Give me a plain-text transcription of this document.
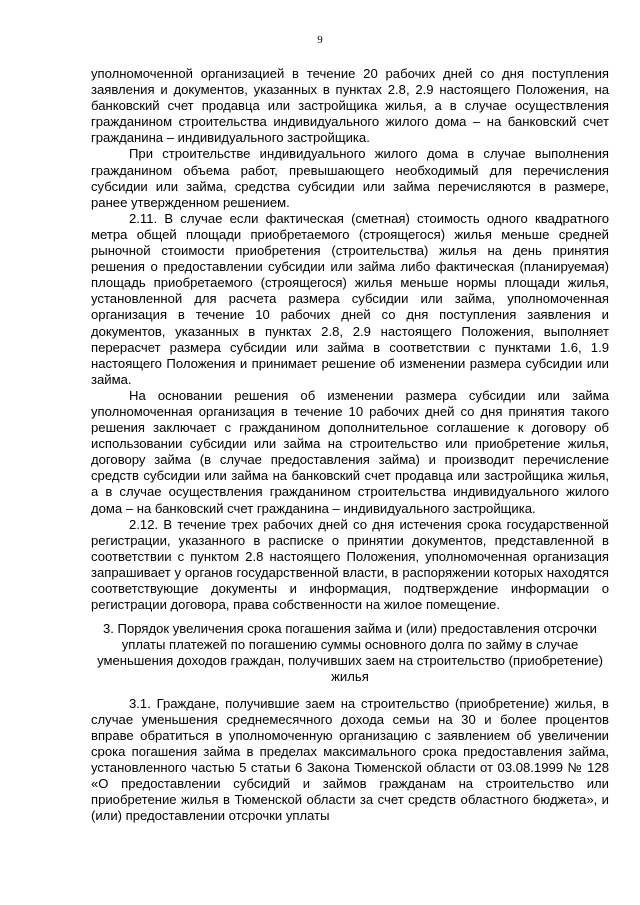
9

уполномоченной организацией в течение 20 рабочих дней со дня поступления заявления и документов, указанных в пунктах 2.8, 2.9 настоящего Положения, на банковский счет продавца или застройщика жилья, а в случае осуществления гражданином строительства индивидуального жилого дома – на банковский счет гражданина – индивидуального застройщика.

При строительстве индивидуального жилого дома в случае выполнения гражданином объема работ, превышающего необходимый для перечисления субсидии или займа, средства субсидии или займа перечисляются в размере, ранее утвержденном решением.

2.11. В случае если фактическая (сметная) стоимость одного квадратного метра общей площади приобретаемого (строящегося) жилья меньше средней рыночной стоимости приобретения (строительства) жилья на день принятия решения о предоставлении субсидии или займа либо фактическая (планируемая) площадь приобретаемого (строящегося) жилья меньше нормы площади жилья, установленной для расчета размера субсидии или займа, уполномоченная организация в течение 10 рабочих дней со дня поступления заявления и документов, указанных в пунктах 2.8, 2.9 настоящего Положения, выполняет перерасчет размера субсидии или займа в соответствии с пунктами 1.6, 1.9 настоящего Положения и принимает решение об изменении размера субсидии или займа.

На основании решения об изменении размера субсидии или займа уполномоченная организация в течение 10 рабочих дней со дня принятия такого решения заключает с гражданином дополнительное соглашение к договору об использовании субсидии или займа на строительство или приобретение жилья, договору займа (в случае предоставления займа) и производит перечисление средств субсидии или займа на банковский счет продавца или застройщика жилья, а в случае осуществления гражданином строительства индивидуального жилого дома – на банковский счет гражданина – индивидуального застройщика.

2.12. В течение трех рабочих дней со дня истечения срока государственной регистрации, указанного в расписке о принятии документов, представленной в соответствии с пунктом 2.8 настоящего Положения, уполномоченная организация запрашивает у органов государственной власти, в распоряжении которых находятся соответствующие документы и информация, подтверждение информации о регистрации договора, права собственности на жилое помещение.

3. Порядок увеличения срока погашения займа и (или) предоставления отсрочки уплаты платежей по погашению суммы основного долга по займу в случае уменьшения доходов граждан, получивших заем на строительство (приобретение) жилья

3.1. Граждане, получившие заем на строительство (приобретение) жилья, в случае уменьшения среднемесячного дохода семьи на 30 и более процентов вправе обратиться в уполномоченную организацию с заявлением об увеличении срока погашения займа в пределах максимального срока предоставления займа, установленного частью 5 статьи 6 Закона Тюменской области от 03.08.1999 № 128 «О предоставлении субсидий и займов гражданам на строительство или приобретение жилья в Тюменской области за счет средств областного бюджета», и (или) предоставлении отсрочки уплаты
